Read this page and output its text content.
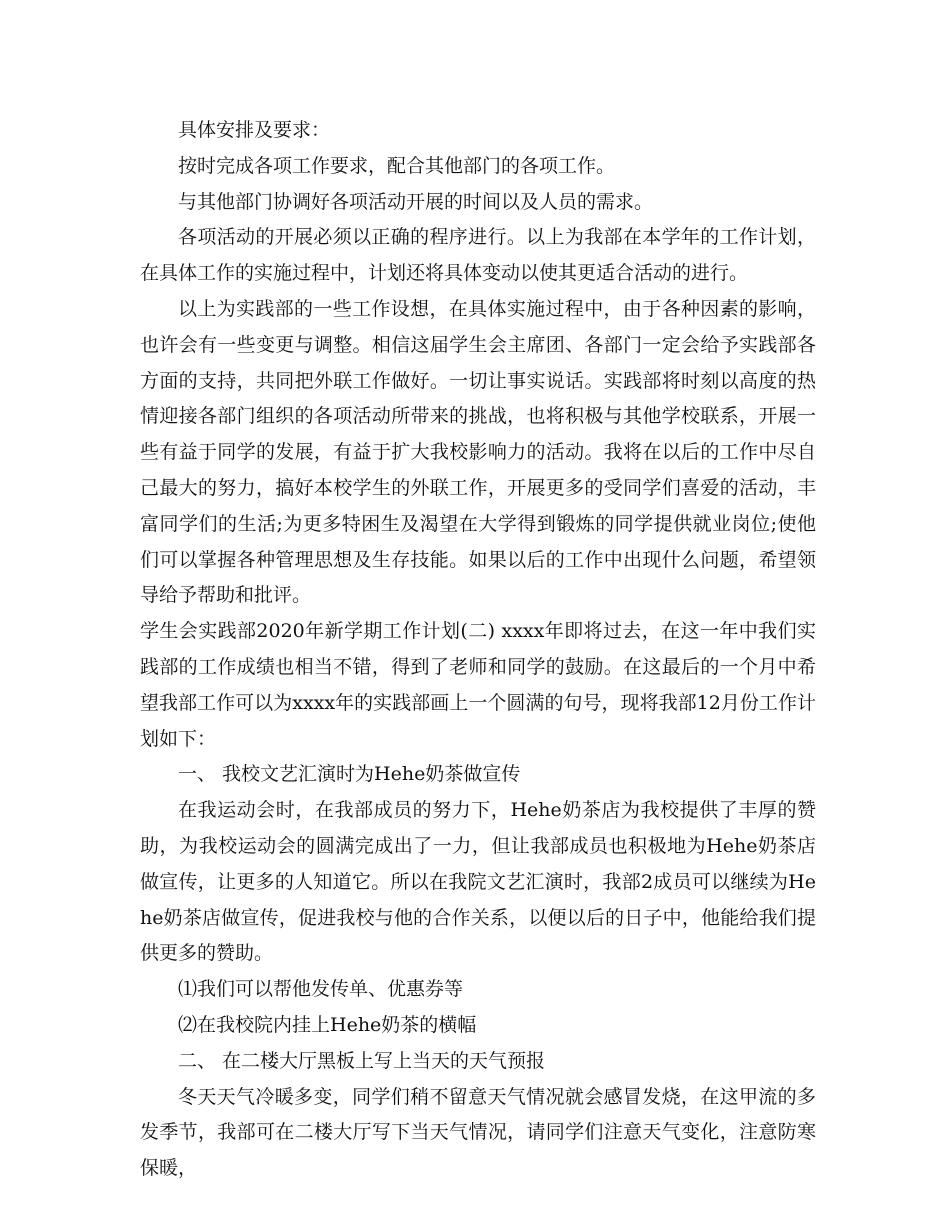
具体安排及要求：

按时完成各项工作要求，配合其他部门的各项工作。

与其他部门协调好各项活动开展的时间以及人员的需求。

各项活动的开展必须以正确的程序进行。以上为我部在本学年的工作计划，在具体工作的实施过程中，计划还将具体变动以使其更适合活动的进行。

以上为实践部的一些工作设想，在具体实施过程中，由于各种因素的影响，也许会有一些变更与调整。相信这届学生会主席团、各部门一定会给予实践部各方面的支持，共同把外联工作做好。一切让事实说话。实践部将时刻以高度的热情迎接各部门组织的各项活动所带来的挑战，也将积极与其他学校联系，开展一些有益于同学的发展，有益于扩大我校影响力的活动。我将在以后的工作中尽自己最大的努力，搞好本校学生的外联工作，开展更多的受同学们喜爱的活动，丰富同学们的生活;为更多特困生及渴望在大学得到锻炼的同学提供就业岗位;使他们可以掌握各种管理思想及生存技能。如果以后的工作中出现什么问题，希望领导给予帮助和批评。

学生会实践部2020年新学期工作计划(二) xxxx年即将过去，在这一年中我们实践部的工作成绩也相当不错，得到了老师和同学的鼓励。在这最后的一个月中希望我部工作可以为xxxx年的实践部画上一个圆满的句号，现将我部12月份工作计划如下：

一、 我校文艺汇演时为Hehe奶茶做宣传

在我运动会时，在我部成员的努力下，Hehe奶茶店为我校提供了丰厚的赞助，为我校运动会的圆满完成出了一力，但让我部成员也积极地为Hehe奶茶店做宣传，让更多的人知道它。所以在我院文艺汇演时，我部2成员可以继续为Hehe奶茶店做宣传，促进我校与他的合作关系，以便以后的日子中，他能给我们提供更多的赞助。

⑴我们可以帮他发传单、优惠券等

⑵在我校院内挂上Hehe奶茶的横幅

二、 在二楼大厅黑板上写上当天的天气预报

冬天天气冷暖多变，同学们稍不留意天气情况就会感冒发烧，在这甲流的多发季节，我部可在二楼大厅写下当天气情况，请同学们注意天气变化，注意防寒保暖，
